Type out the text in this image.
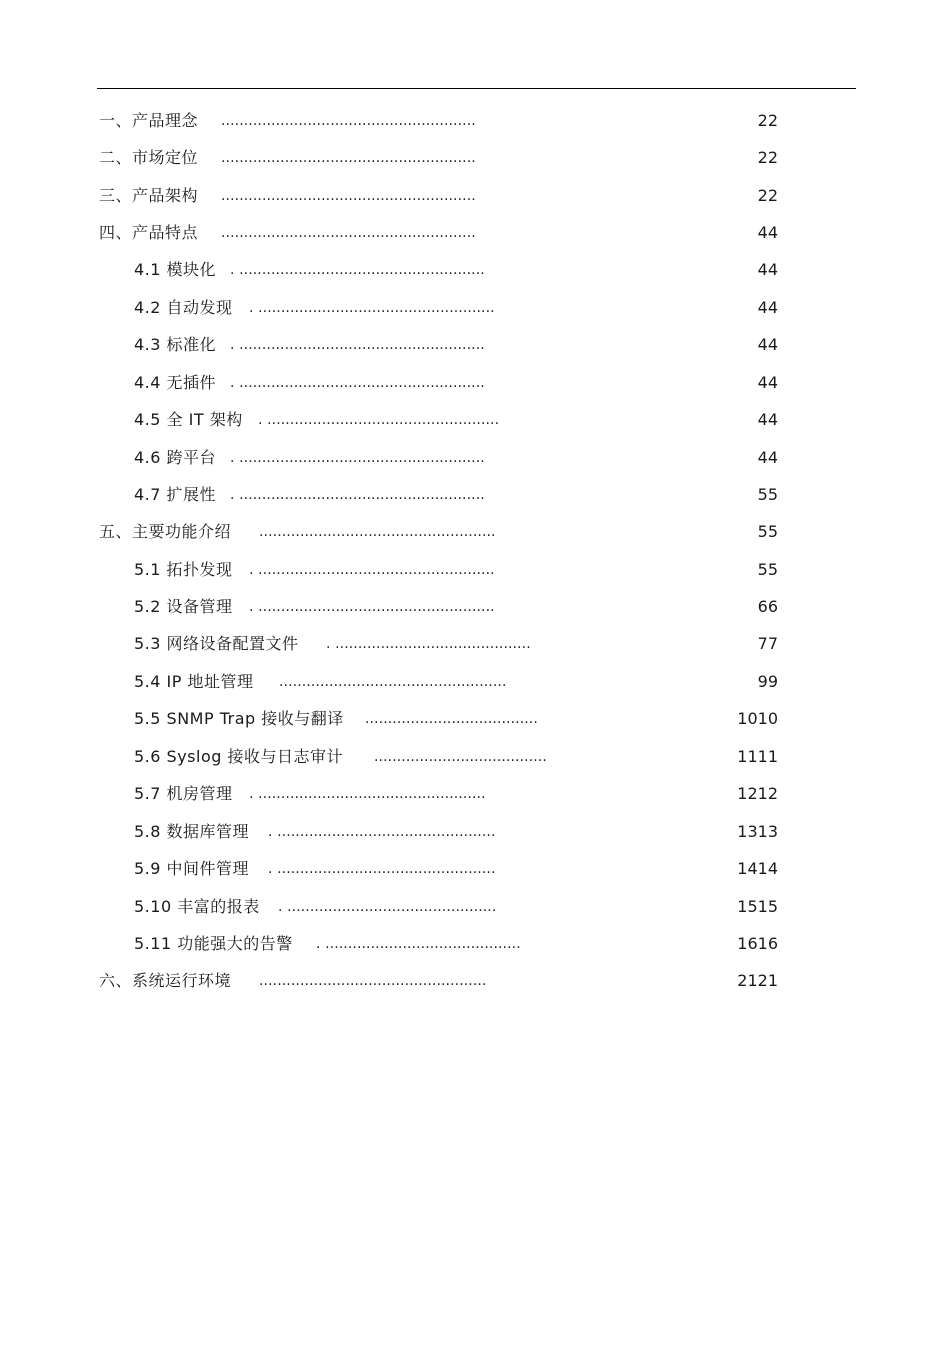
一、产品理念 ........................................................	22
二、市场定位 ........................................................	22
三、产品架构 ........................................................	22
四、产品特点 ........................................................	44
4.1 模块化 . ......................................................	44
4.2 自动发现 . ....................................................	44
4.3 标准化 . ......................................................	44
4.4 无插件 . ......................................................	44
4.5 全 IT 架构 . ...................................................	44
4.6 跨平台 . ......................................................	44
4.7 扩展性 . ......................................................	55
五、主要功能介绍 ....................................................	55
5.1 拓扑发现 . ....................................................	55
5.2 设备管理 . ....................................................	66
5.3 网络设备配置文件 . ...........................................	77
5.4 IP 地址管理 ..................................................	99
5.5 SNMP Trap 接收与翻译 ......................................	1010
5.6 Syslog 接收与日志审计 ......................................	1111
5.7 机房管理 . ..................................................	1212
5.8 数据库管理 . ................................................	1313
5.9 中间件管理 . ................................................	1414
5.10 丰富的报表 . ..............................................	1515
5.11 功能强大的告警 . ...........................................	1616
六、系统运行环境 ..................................................	2121
